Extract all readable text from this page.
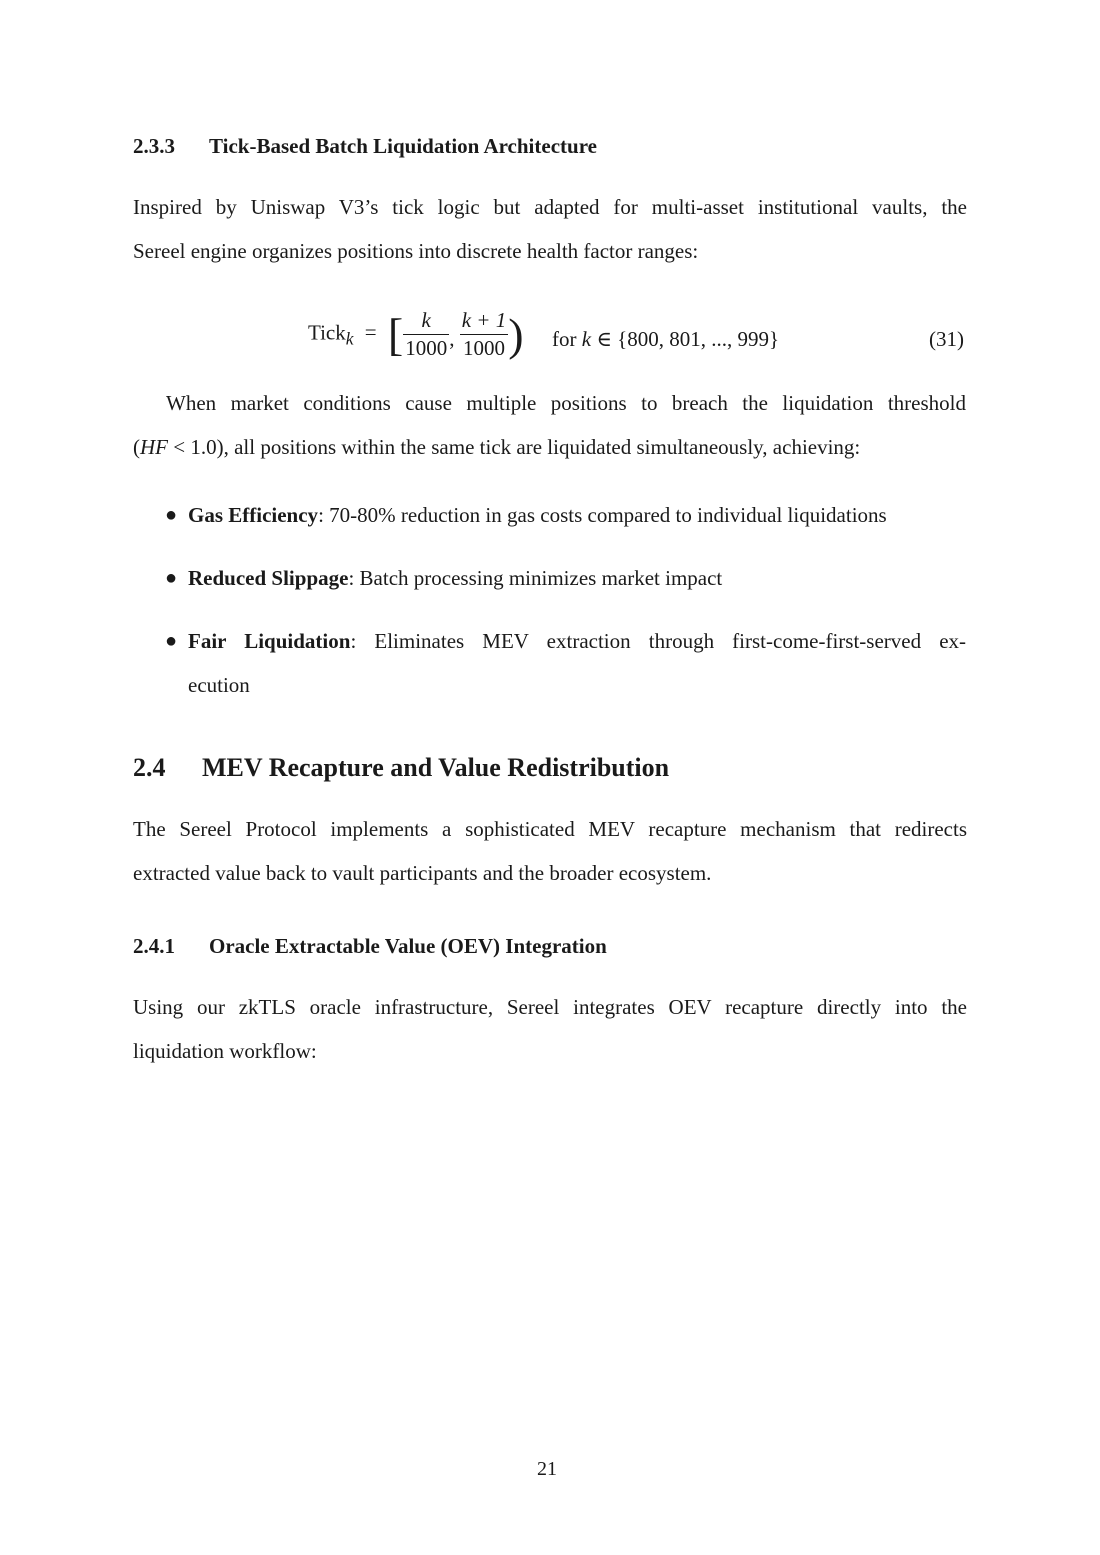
2.3.3 Tick-Based Batch Liquidation Architecture
Inspired by Uniswap V3’s tick logic but adapted for multi-asset institutional vaults, the
Sereel engine organizes positions into discrete health factor ranges:
Tick$_k$ = [ $\frac{k}{1000}$ , $\frac{k + 1}{1000}$ ) for k ∈ {800, 801, ..., 999}	(31)
When market conditions cause multiple positions to breach the liquidation threshold
(HF < 1.0), all positions within the same tick are liquidated simultaneously, achieving:
● Gas Efficiency: 70-80% reduction in gas costs compared to individual liquidations
● Reduced Slippage: Batch processing minimizes market impact
● Fair Liquidation: Eliminates MEV extraction through first-come-first-served ex-
ecution
2.4 MEV Recapture and Value Redistribution
The Sereel Protocol implements a sophisticated MEV recapture mechanism that redirects
extracted value back to vault participants and the broader ecosystem.
2.4.1 Oracle Extractable Value (OEV) Integration
Using our zkTLS oracle infrastructure, Sereel integrates OEV recapture directly into the
liquidation workflow:
21
